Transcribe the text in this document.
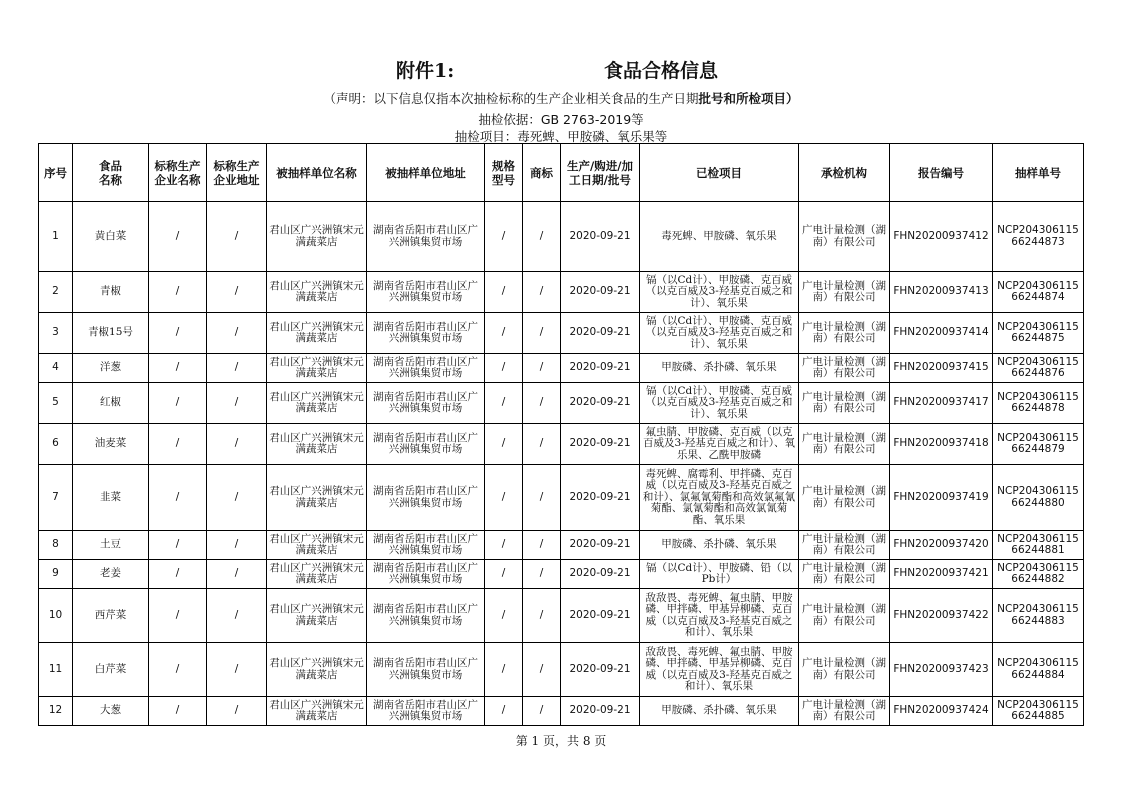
附件1:	食品合格信息
（声明：以下信息仅指本次抽检标称的生产企业相关食品的生产日期批号和所检项目）
抽检依据：GB 2763-2019等
抽检项目：毒死蜱、甲胺磷、氧乐果等
序号	食品名称	标称生产企业名称	标称生产企业地址	被抽样单位名称	被抽样单位地址	规格型号	商标	生产/购进/加工日期/批号	已检项目	承检机构	报告编号	抽样单号
1	黄白菜	/	/	君山区广兴洲镇宋元满蔬菜店	湖南省岳阳市君山区广兴洲镇集贸市场	/	/	2020-09-21	毒死蜱、甲胺磷、氧乐果	广电计量检测（湖南）有限公司	FHN20200937412	NCP20430611566244873
2	青椒	/	/	君山区广兴洲镇宋元满蔬菜店	湖南省岳阳市君山区广兴洲镇集贸市场	/	/	2020-09-21	镉（以Cd计）、甲胺磷、克百威（以克百威及3-羟基克百威之和计）、氧乐果	广电计量检测（湖南）有限公司	FHN20200937413	NCP20430611566244874
3	青椒15号	/	/	君山区广兴洲镇宋元满蔬菜店	湖南省岳阳市君山区广兴洲镇集贸市场	/	/	2020-09-21	镉（以Cd计）、甲胺磷、克百威（以克百威及3-羟基克百威之和计）、氧乐果	广电计量检测（湖南）有限公司	FHN20200937414	NCP20430611566244875
4	洋葱	/	/	君山区广兴洲镇宋元满蔬菜店	湖南省岳阳市君山区广兴洲镇集贸市场	/	/	2020-09-21	甲胺磷、杀扑磷、氧乐果	广电计量检测（湖南）有限公司	FHN20200937415	NCP20430611566244876
5	红椒	/	/	君山区广兴洲镇宋元满蔬菜店	湖南省岳阳市君山区广兴洲镇集贸市场	/	/	2020-09-21	镉（以Cd计）、甲胺磷、克百威（以克百威及3-羟基克百威之和计）、氧乐果	广电计量检测（湖南）有限公司	FHN20200937417	NCP20430611566244878
6	油麦菜	/	/	君山区广兴洲镇宋元满蔬菜店	湖南省岳阳市君山区广兴洲镇集贸市场	/	/	2020-09-21	氟虫腈、甲胺磷、克百威（以克百威及3-羟基克百威之和计）、氧乐果、乙酰甲胺磷	广电计量检测（湖南）有限公司	FHN20200937418	NCP20430611566244879
7	韭菜	/	/	君山区广兴洲镇宋元满蔬菜店	湖南省岳阳市君山区广兴洲镇集贸市场	/	/	2020-09-21	毒死蜱、腐霉利、甲拌磷、克百威（以克百威及3-羟基克百威之和计）、氯氟氰菊酯和高效氯氟氰菊酯、氯氰菊酯和高效氯氰菊酯、氧乐果	广电计量检测（湖南）有限公司	FHN20200937419	NCP20430611566244880
8	土豆	/	/	君山区广兴洲镇宋元满蔬菜店	湖南省岳阳市君山区广兴洲镇集贸市场	/	/	2020-09-21	甲胺磷、杀扑磷、氧乐果	广电计量检测（湖南）有限公司	FHN20200937420	NCP20430611566244881
9	老姜	/	/	君山区广兴洲镇宋元满蔬菜店	湖南省岳阳市君山区广兴洲镇集贸市场	/	/	2020-09-21	镉（以Cd计）、甲胺磷、铅（以Pb计）	广电计量检测（湖南）有限公司	FHN20200937421	NCP20430611566244882
10	西芹菜	/	/	君山区广兴洲镇宋元满蔬菜店	湖南省岳阳市君山区广兴洲镇集贸市场	/	/	2020-09-21	敌敌畏、毒死蜱、氟虫腈、甲胺磷、甲拌磷、甲基异柳磷、克百威（以克百威及3-羟基克百威之和计）、氧乐果	广电计量检测（湖南）有限公司	FHN20200937422	NCP20430611566244883
11	白芹菜	/	/	君山区广兴洲镇宋元满蔬菜店	湖南省岳阳市君山区广兴洲镇集贸市场	/	/	2020-09-21	敌敌畏、毒死蜱、氟虫腈、甲胺磷、甲拌磷、甲基异柳磷、克百威（以克百威及3-羟基克百威之和计）、氧乐果	广电计量检测（湖南）有限公司	FHN20200937423	NCP20430611566244884
12	大葱	/	/	君山区广兴洲镇宋元满蔬菜店	湖南省岳阳市君山区广兴洲镇集贸市场	/	/	2020-09-21	甲胺磷、杀扑磷、氧乐果	广电计量检测（湖南）有限公司	FHN20200937424	NCP20430611566244885
第 1 页，共 8 页
